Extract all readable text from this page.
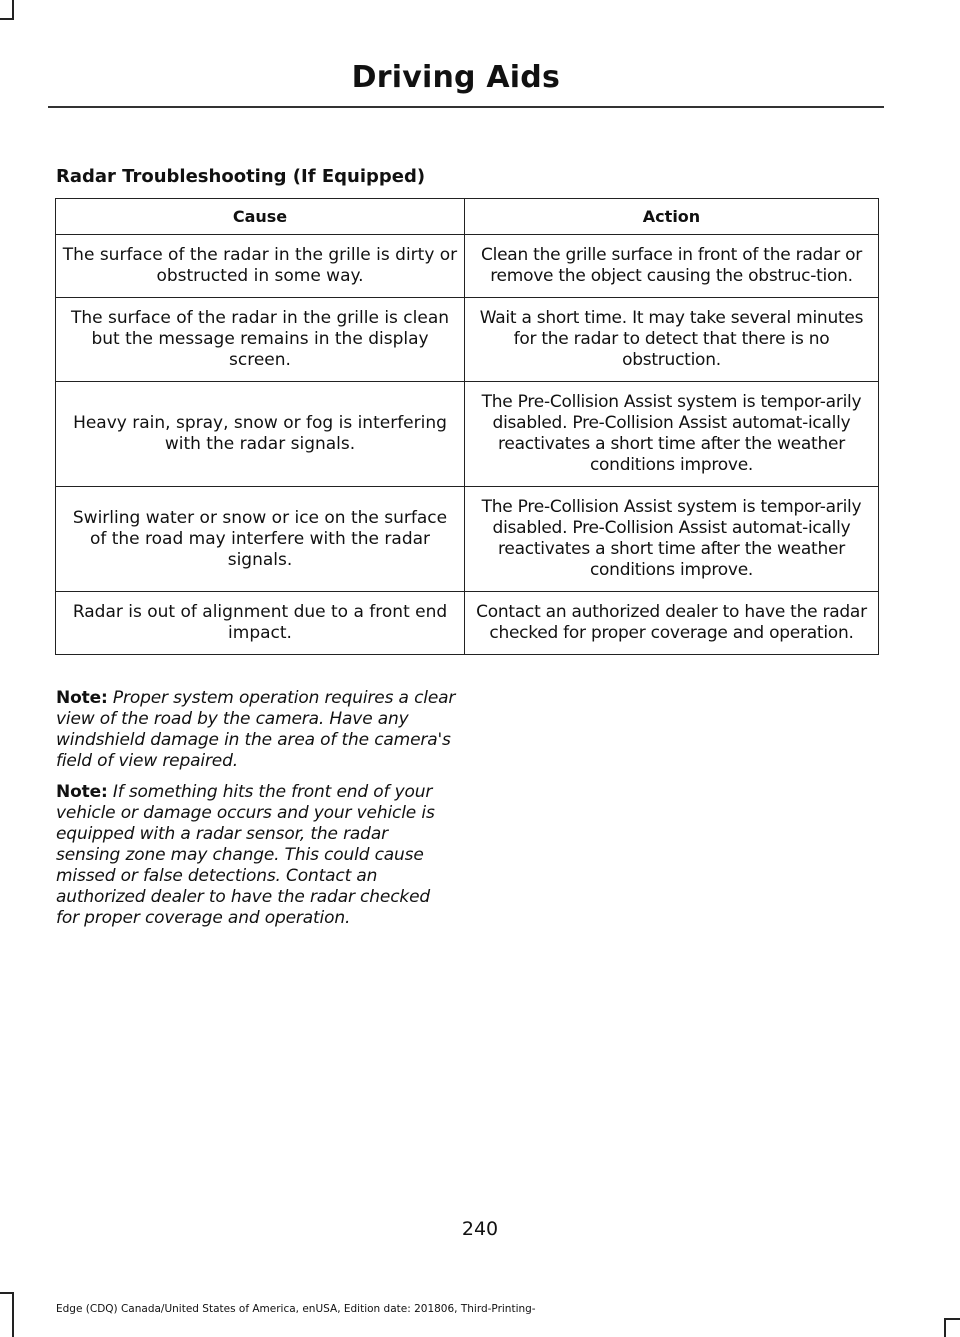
Driving Aids
Radar Troubleshooting (If Equipped)
Cause	Action
The surface of the radar in the grille is dirty or obstructed in some way.	Clean the grille surface in front of the radar or remove the object causing the obstruc-tion.
The surface of the radar in the grille is clean but the message remains in the display screen.	Wait a short time. It may take several minutes for the radar to detect that there is no obstruction.
Heavy rain, spray, snow or fog is interfering with the radar signals.	The Pre-Collision Assist system is tempor-arily disabled. Pre-Collision Assist automat-ically reactivates a short time after the weather conditions improve.
Swirling water or snow or ice on the surface of the road may interfere with the radar signals.	The Pre-Collision Assist system is tempor-arily disabled. Pre-Collision Assist automat-ically reactivates a short time after the weather conditions improve.
Radar is out of alignment due to a front end impact.	Contact an authorized dealer to have the radar checked for proper coverage and operation.

Note: Proper system operation requires a clear view of the road by the camera. Have any windshield damage in the area of the camera's field of view repaired.

Note: If something hits the front end of your vehicle or damage occurs and your vehicle is equipped with a radar sensor, the radar sensing zone may change. This could cause missed or false detections. Contact an authorized dealer to have the radar checked for proper coverage and operation.

240
Edge (CDQ) Canada/United States of America, enUSA, Edition date: 201806, Third-Printing-
